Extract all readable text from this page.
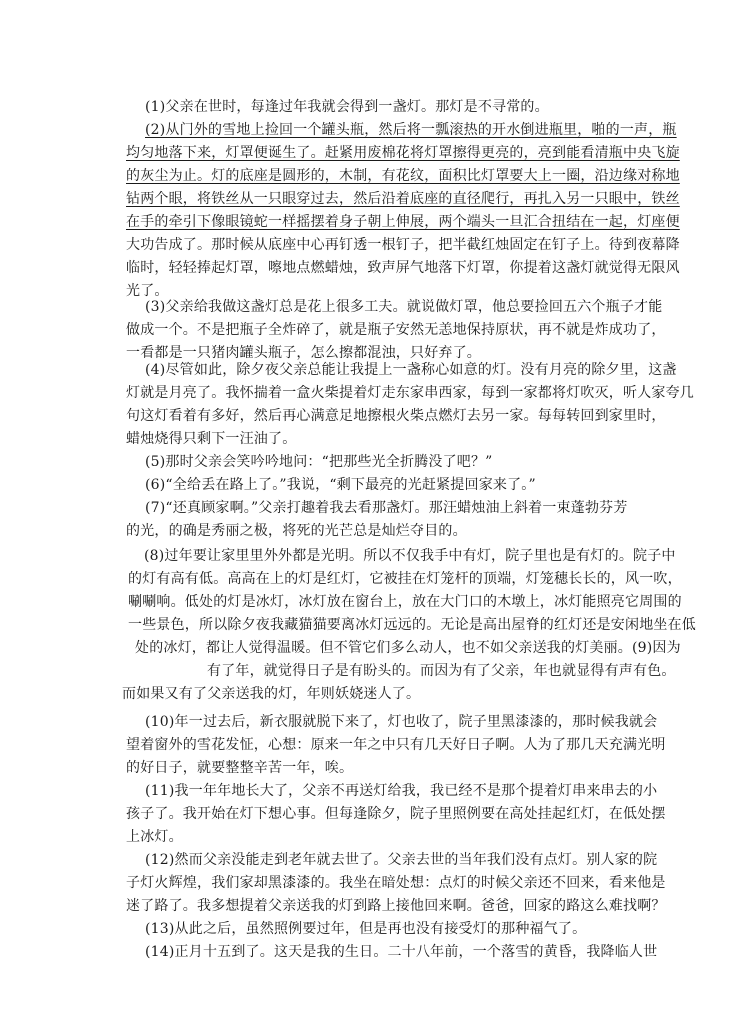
(1)父亲在世时，每逢过年我就会得到一盏灯。那灯是不寻常的。
(2)从门外的雪地上捡回一个罐头瓶，然后将一瓢滚热的开水倒进瓶里，啪的一声，瓶
均匀地落下来，灯罩便诞生了。赶紧用废棉花将灯罩擦得更亮的，亮到能看清瓶中央飞旋
的灰尘为止。灯的底座是圆形的，木制，有花纹，面积比灯罩要大上一圈，沿边缘对称地
钻两个眼，将铁丝从一只眼穿过去，然后沿着底座的直径爬行，再扎入另一只眼中，铁丝
在手的牵引下像眼镜蛇一样摇摆着身子朝上伸展，两个端头一旦汇合扭结在一起，灯座便
大功告成了。那时候从底座中心再钉透一根钉子，把半截红烛固定在钉子上。待到夜幕降
临时，轻轻捧起灯罩，嚓地点燃蜡烛，致声屏气地落下灯罩，你提着这盏灯就觉得无限风
光了。
(3)父亲给我做这盏灯总是花上很多工夫。就说做灯罩，他总要捡回五六个瓶子才能
做成一个。不是把瓶子全炸碎了，就是瓶子安然无恙地保持原状，再不就是炸成功了，
一看都是一只猪肉罐头瓶子，怎么擦都混浊，只好弃了。
(4)尽管如此，除夕夜父亲总能让我提上一盏称心如意的灯。没有月亮的除夕里，这盏
灯就是月亮了。我怀揣着一盒火柴提着灯走东家串西家，每到一家都将灯吹灭，听人家夸几
句这灯看着有多好，然后再心满意足地擦根火柴点燃灯去另一家。每每转回到家里时，
蜡烛烧得只剩下一汪油了。
(5)那时父亲会笑吟吟地问：“把那些光全折腾没了吧？”
(6)“全给丢在路上了。”我说，“剩下最亮的光赶紧提回家来了。”
(7)“还真顾家啊。”父亲打趣着我去看那盏灯。那汪蜡烛油上斜着一束蓬勃芬芳
的光，的确是秀丽之极，将死的光芒总是灿烂夺目的。
(8)过年要让家里里外外都是光明。所以不仅我手中有灯，院子里也是有灯的。院子中
的灯有高有低。高高在上的灯是红灯，它被挂在灯笼杆的顶端，灯笼穗长长的，风一吹，
唰唰响。低处的灯是冰灯，冰灯放在窗台上，放在大门口的木墩上，冰灯能照亮它周围的
一些景色，所以除夕夜我藏猫猫要离冰灯远远的。无论是高出屋脊的红灯还是安闲地坐在低
处的冰灯，都让人觉得温暖。但不管它们多么动人，也不如父亲送我的灯美丽。(9)因为
有了年，就觉得日子是有盼头的。而因为有了父亲，年也就显得有声有色。
而如果又有了父亲送我的灯，年则妖娆迷人了。
(10)年一过去后，新衣服就脱下来了，灯也收了，院子里黑漆漆的，那时候我就会
望着窗外的雪花发怔，心想：原来一年之中只有几天好日子啊。人为了那几天充满光明
的好日子，就要整整辛苦一年，唉。
(11)我一年年地长大了，父亲不再送灯给我，我已经不是那个提着灯串来串去的小
孩子了。我开始在灯下想心事。但每逢除夕，院子里照例要在高处挂起红灯，在低处摆
上冰灯。
(12)然而父亲没能走到老年就去世了。父亲去世的当年我们没有点灯。别人家的院
子灯火辉煌，我们家却黑漆漆的。我坐在暗处想：点灯的时候父亲还不回来，看来他是
迷了路了。我多想提着父亲送我的灯到路上接他回来啊。爸爸，回家的路这么难找啊？
(13)从此之后，虽然照例要过年，但是再也没有接受灯的那种福气了。
(14)正月十五到了。这天是我的生日。二十八年前，一个落雪的黄昏，我降临人世
